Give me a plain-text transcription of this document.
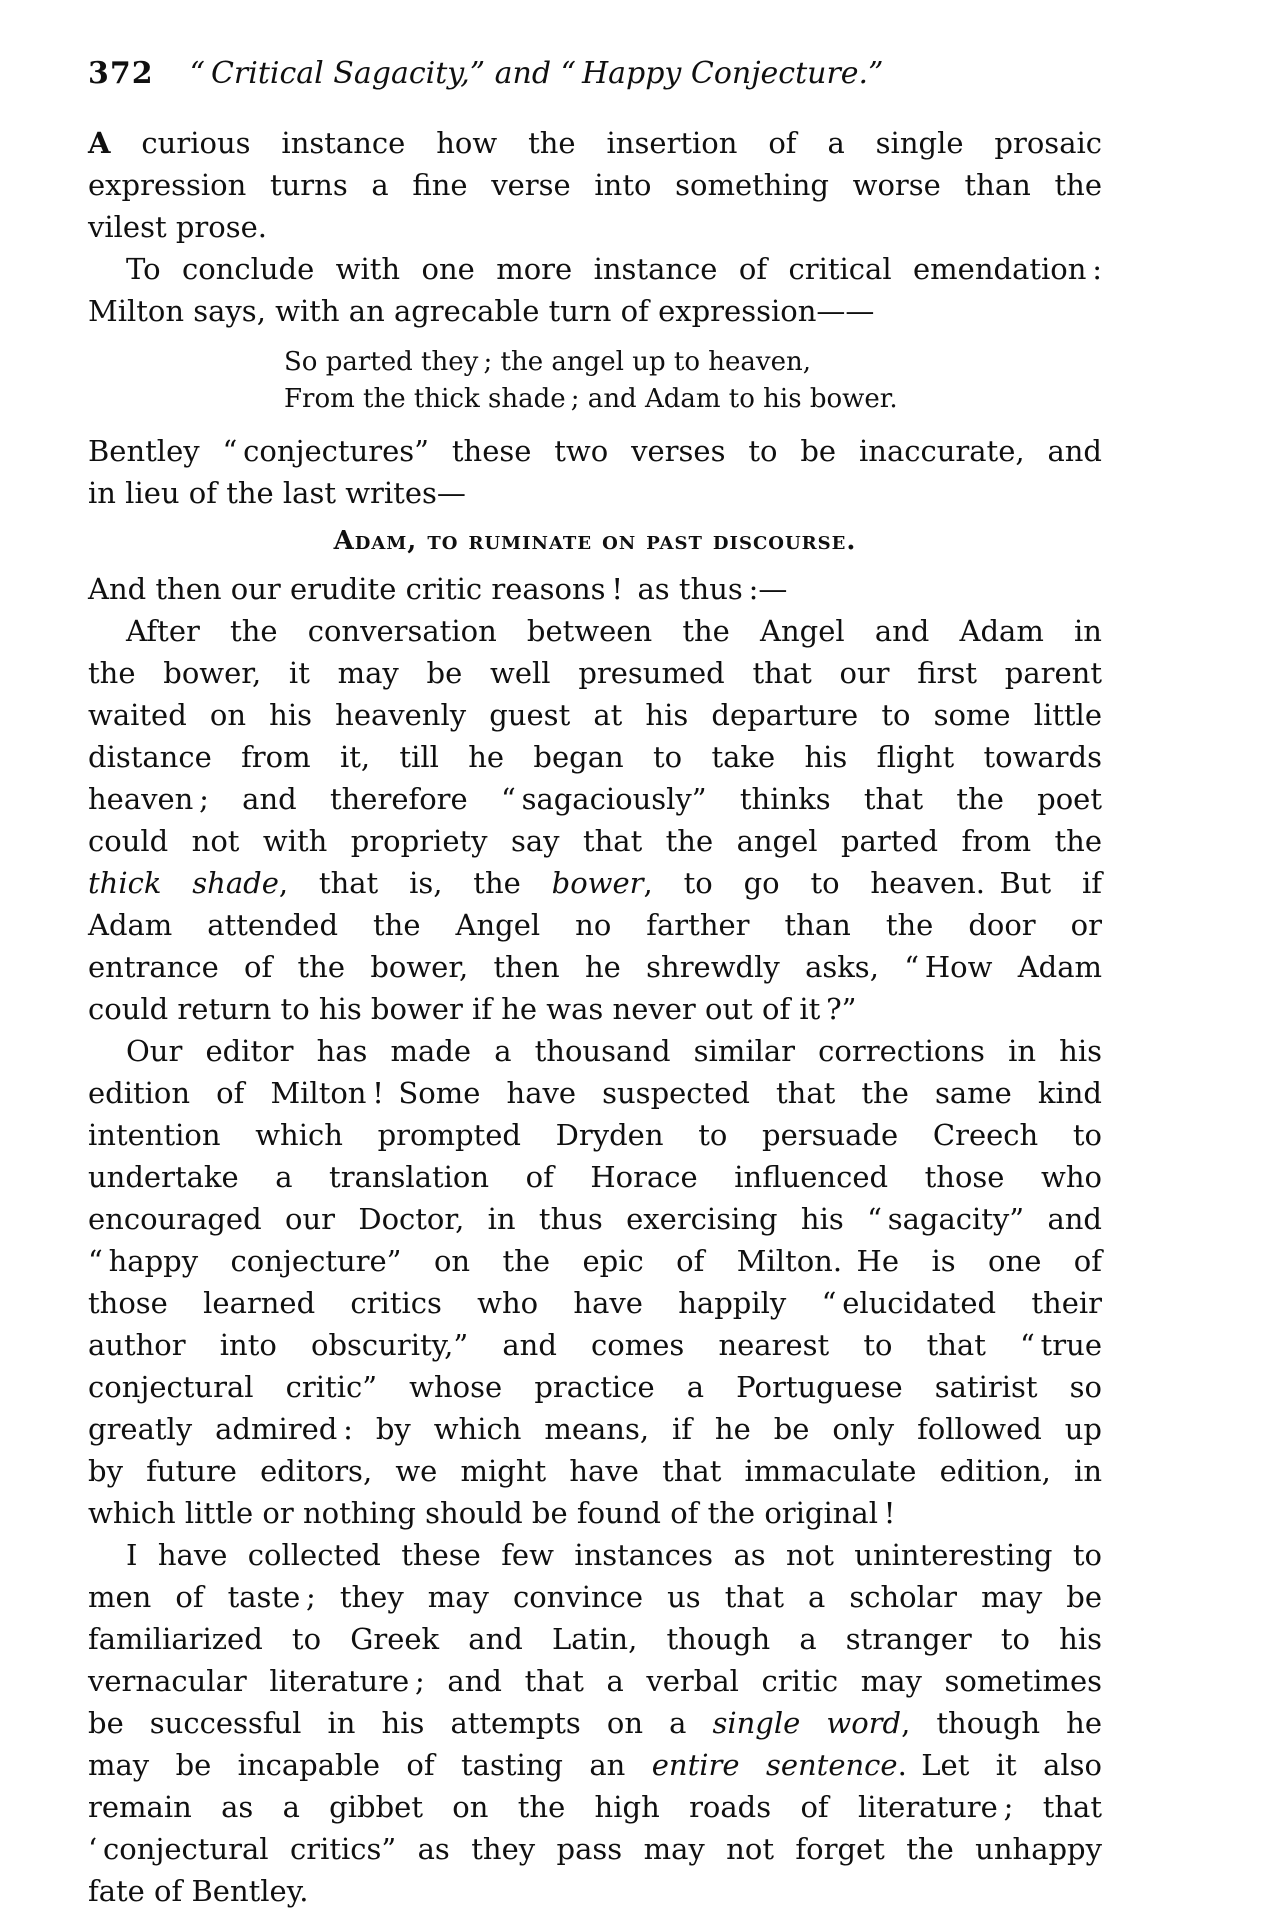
372 “ Critical Sagacity,” and “ Happy Conjecture.”
A curious instance how the insertion of a single prosaic
expression turns a fine verse into something worse than the
vilest prose.
To conclude with one more instance of critical emendation :
Milton says, with an agrecable turn of expression——
So parted they ; the angel up to heaven,
From the thick shade ; and Adam to his bower.
Bentley “ conjectures” these two verses to be inaccurate, and
in lieu of the last writes—
Adam, to ruminate on past discourse.
And then our erudite critic reasons ! as thus :—
After the conversation between the Angel and Adam in
the bower, it may be well presumed that our first parent
waited on his heavenly guest at his departure to some little
distance from it, till he began to take his flight towards
heaven ; and therefore “ sagaciously” thinks that the poet
could not with propriety say that the angel parted from the
thick shade, that is, the bower, to go to heaven. But if
Adam attended the Angel no farther than the door or
entrance of the bower, then he shrewdly asks, “ How Adam
could return to his bower if he was never out of it ?”
Our editor has made a thousand similar corrections in his
edition of Milton ! Some have suspected that the same kind
intention which prompted Dryden to persuade Creech to
undertake a translation of Horace influenced those who
encouraged our Doctor, in thus exercising his “ sagacity” and
“ happy conjecture” on the epic of Milton. He is one of
those learned critics who have happily “ elucidated their
author into obscurity,” and comes nearest to that “ true
conjectural critic” whose practice a Portuguese satirist so
greatly admired : by which means, if he be only followed up
by future editors, we might have that immaculate edition, in
which little or nothing should be found of the original !
I have collected these few instances as not uninteresting to
men of taste ; they may convince us that a scholar may be
familiarized to Greek and Latin, though a stranger to his
vernacular literature ; and that a verbal critic may sometimes
be successful in his attempts on a single word, though he
may be incapable of tasting an entire sentence. Let it also
remain as a gibbet on the high roads of literature ; that
‘ conjectural critics” as they pass may not forget the unhappy
fate of Bentley.
